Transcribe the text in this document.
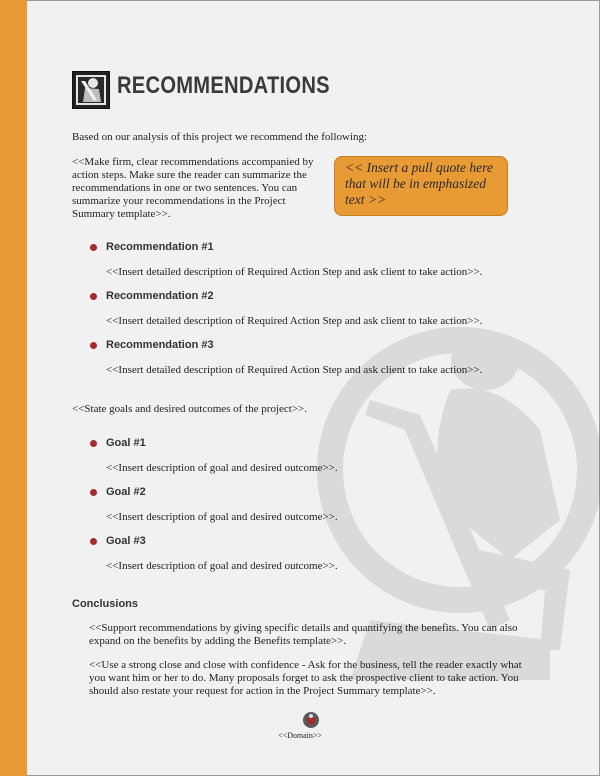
RECOMMENDATIONS

Based on our analysis of this project we recommend the following:

<<Make firm, clear recommendations accompanied by action steps. Make sure the reader can summarize the recommendations in one or two sentences. You can summarize your recommendations in the Project Summary template>>.

<< Insert a pull quote here that will be in emphasized text >>
Recommendation #1
<<Insert detailed description of Required Action Step and ask client to take action>>.
Recommendation #2
<<Insert detailed description of Required Action Step and ask client to take action>>.
Recommendation #3
<<Insert detailed description of Required Action Step and ask client to take action>>.

<<State goals and desired outcomes of the project>>.

Goal #1
<<Insert description of goal and desired outcome>>.
Goal #2
<<Insert description of goal and desired outcome>>.
Goal #3
<<Insert description of goal and desired outcome>>.
Conclusions

<<Support recommendations by giving specific details and quantifying the benefits. You can also expand on the benefits by adding the Benefits template>>.

<<Use a strong close and close with confidence - Ask for the business, tell the reader exactly what you want him or her to do. Many proposals forget to ask the prospective client to take action. You should also restate your request for action in the Project Summary template>>.

<<Domain>>
